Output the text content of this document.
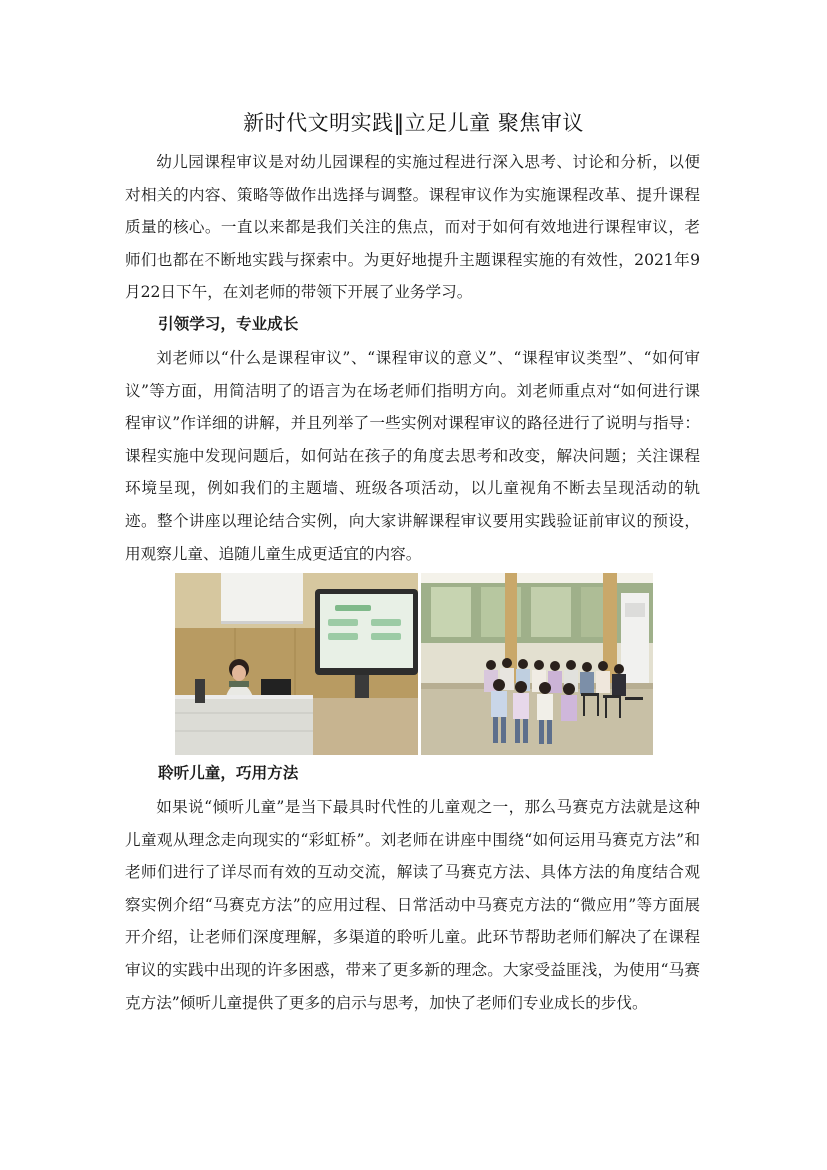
新时代文明实践‖立足儿童 聚焦审议

幼儿园课程审议是对幼儿园课程的实施过程进行深入思考、讨论和分析，以便对相关的内容、策略等做作出选择与调整。课程审议作为实施课程改革、提升课程质量的核心。一直以来都是我们关注的焦点，而对于如何有效地进行课程审议，老师们也都在不断地实践与探索中。为更好地提升主题课程实施的有效性，2021年9月22日下午，在刘老师的带领下开展了业务学习。

引领学习，专业成长

刘老师以“什么是课程审议”、“课程审议的意义”、“课程审议类型”、“如何审议”等方面，用简洁明了的语言为在场老师们指明方向。刘老师重点对“如何进行课程审议”作详细的讲解，并且列举了一些实例对课程审议的路径进行了说明与指导：课程实施中发现问题后，如何站在孩子的角度去思考和改变，解决问题；关注课程环境呈现，例如我们的主题墙、班级各项活动，以儿童视角不断去呈现活动的轨迹。整个讲座以理论结合实例，向大家讲解课程审议要用实践验证前审议的预设，用观察儿童、追随儿童生成更适宜的内容。

聆听儿童，巧用方法

如果说“倾听儿童”是当下最具时代性的儿童观之一，那么马赛克方法就是这种儿童观从理念走向现实的“彩虹桥”。刘老师在讲座中围绕“如何运用马赛克方法”和老师们进行了详尽而有效的互动交流，解读了马赛克方法、具体方法的角度结合观察实例介绍“马赛克方法”的应用过程、日常活动中马赛克方法的“微应用”等方面展开介绍，让老师们深度理解，多渠道的聆听儿童。此环节帮助老师们解决了在课程审议的实践中出现的许多困惑，带来了更多新的理念。大家受益匪浅，为使用“马赛克方法”倾听儿童提供了更多的启示与思考，加快了老师们专业成长的步伐。
